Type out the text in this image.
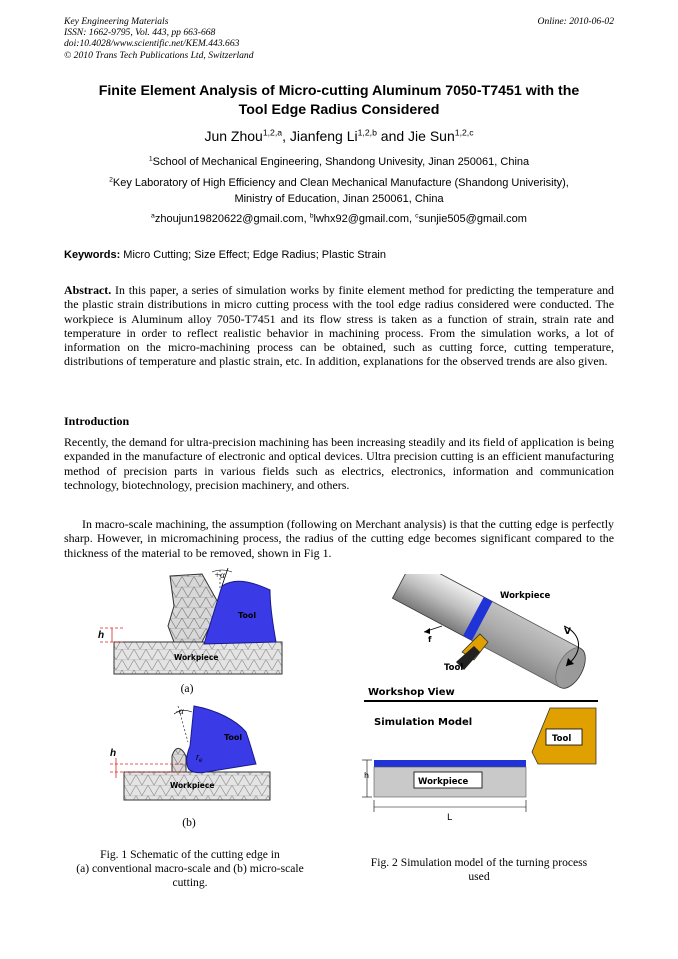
Key Engineering Materials
ISSN: 1662-9795, Vol. 443, pp 663-668
doi:10.4028/www.scientific.net/KEM.443.663
© 2010 Trans Tech Publications Ltd, Switzerland
Online: 2010-06-02
Finite Element Analysis of Micro-cutting Aluminum 7050-T7451 with the
Tool Edge Radius Considered
Jun Zhou$^{1,2,a}$, Jianfeng Li$^{1,2,b}$ and Jie Sun$^{1,2,c}$
$^1$School of Mechanical Engineering, Shandong Univesity, Jinan 250061, China
$^2$Key Laboratory of High Efficiency and Clean Mechanical Manufacture (Shandong Univerisity),
Ministry of Education, Jinan 250061, China
$^a$zhoujun19820622@gmail.com, $^b$lwhx92@gmail.com, $^c$sunjie505@gmail.com
Keywords: Micro Cutting; Size Effect; Edge Radius; Plastic Strain
Abstract. In this paper, a series of simulation works by finite element method for predicting the temperature and the plastic strain distributions in micro cutting process with the tool edge radius considered were conducted. The workpiece is Aluminum alloy 7050-T7451 and its flow stress is taken as a function of strain, strain rate and temperature in order to reflect realistic behavior in machining process. From the simulation works, a lot of information on the micro-machining process can be obtained, such as cutting force, cutting temperature, distributions of temperature and plastic strain, etc. In addition, explanations for the observed trends are also given.
Introduction
Recently, the demand for ultra-precision machining has been increasing steadily and its field of application is being expanded in the manufacture of electronic and optical devices. Ultra precision cutting is an efficient manufacturing method of precision parts in various fields such as electrics, electronics, information and communication technology, biotechnology, precision machinery, and others.
In macro-scale machining, the assumption (following on Merchant analysis) is that the cutting edge is perfectly sharp. However, in micromachining process, the radius of the cutting edge becomes significant compared to the thickness of the material to be removed, shown in Fig 1.
+α
Tool
h
Workpiece
(a)
-α
Tool
$r_e$
h
Workpiece
(b)
Fig. 1 Schematic of the cutting edge in
(a) conventional macro-scale and (b) micro-scale
cutting.
Workpiece
V
f
Tool
Workshop View
Simulation Model
Tool
Workpiece
h
L
Fig. 2 Simulation model of the turning process
used
